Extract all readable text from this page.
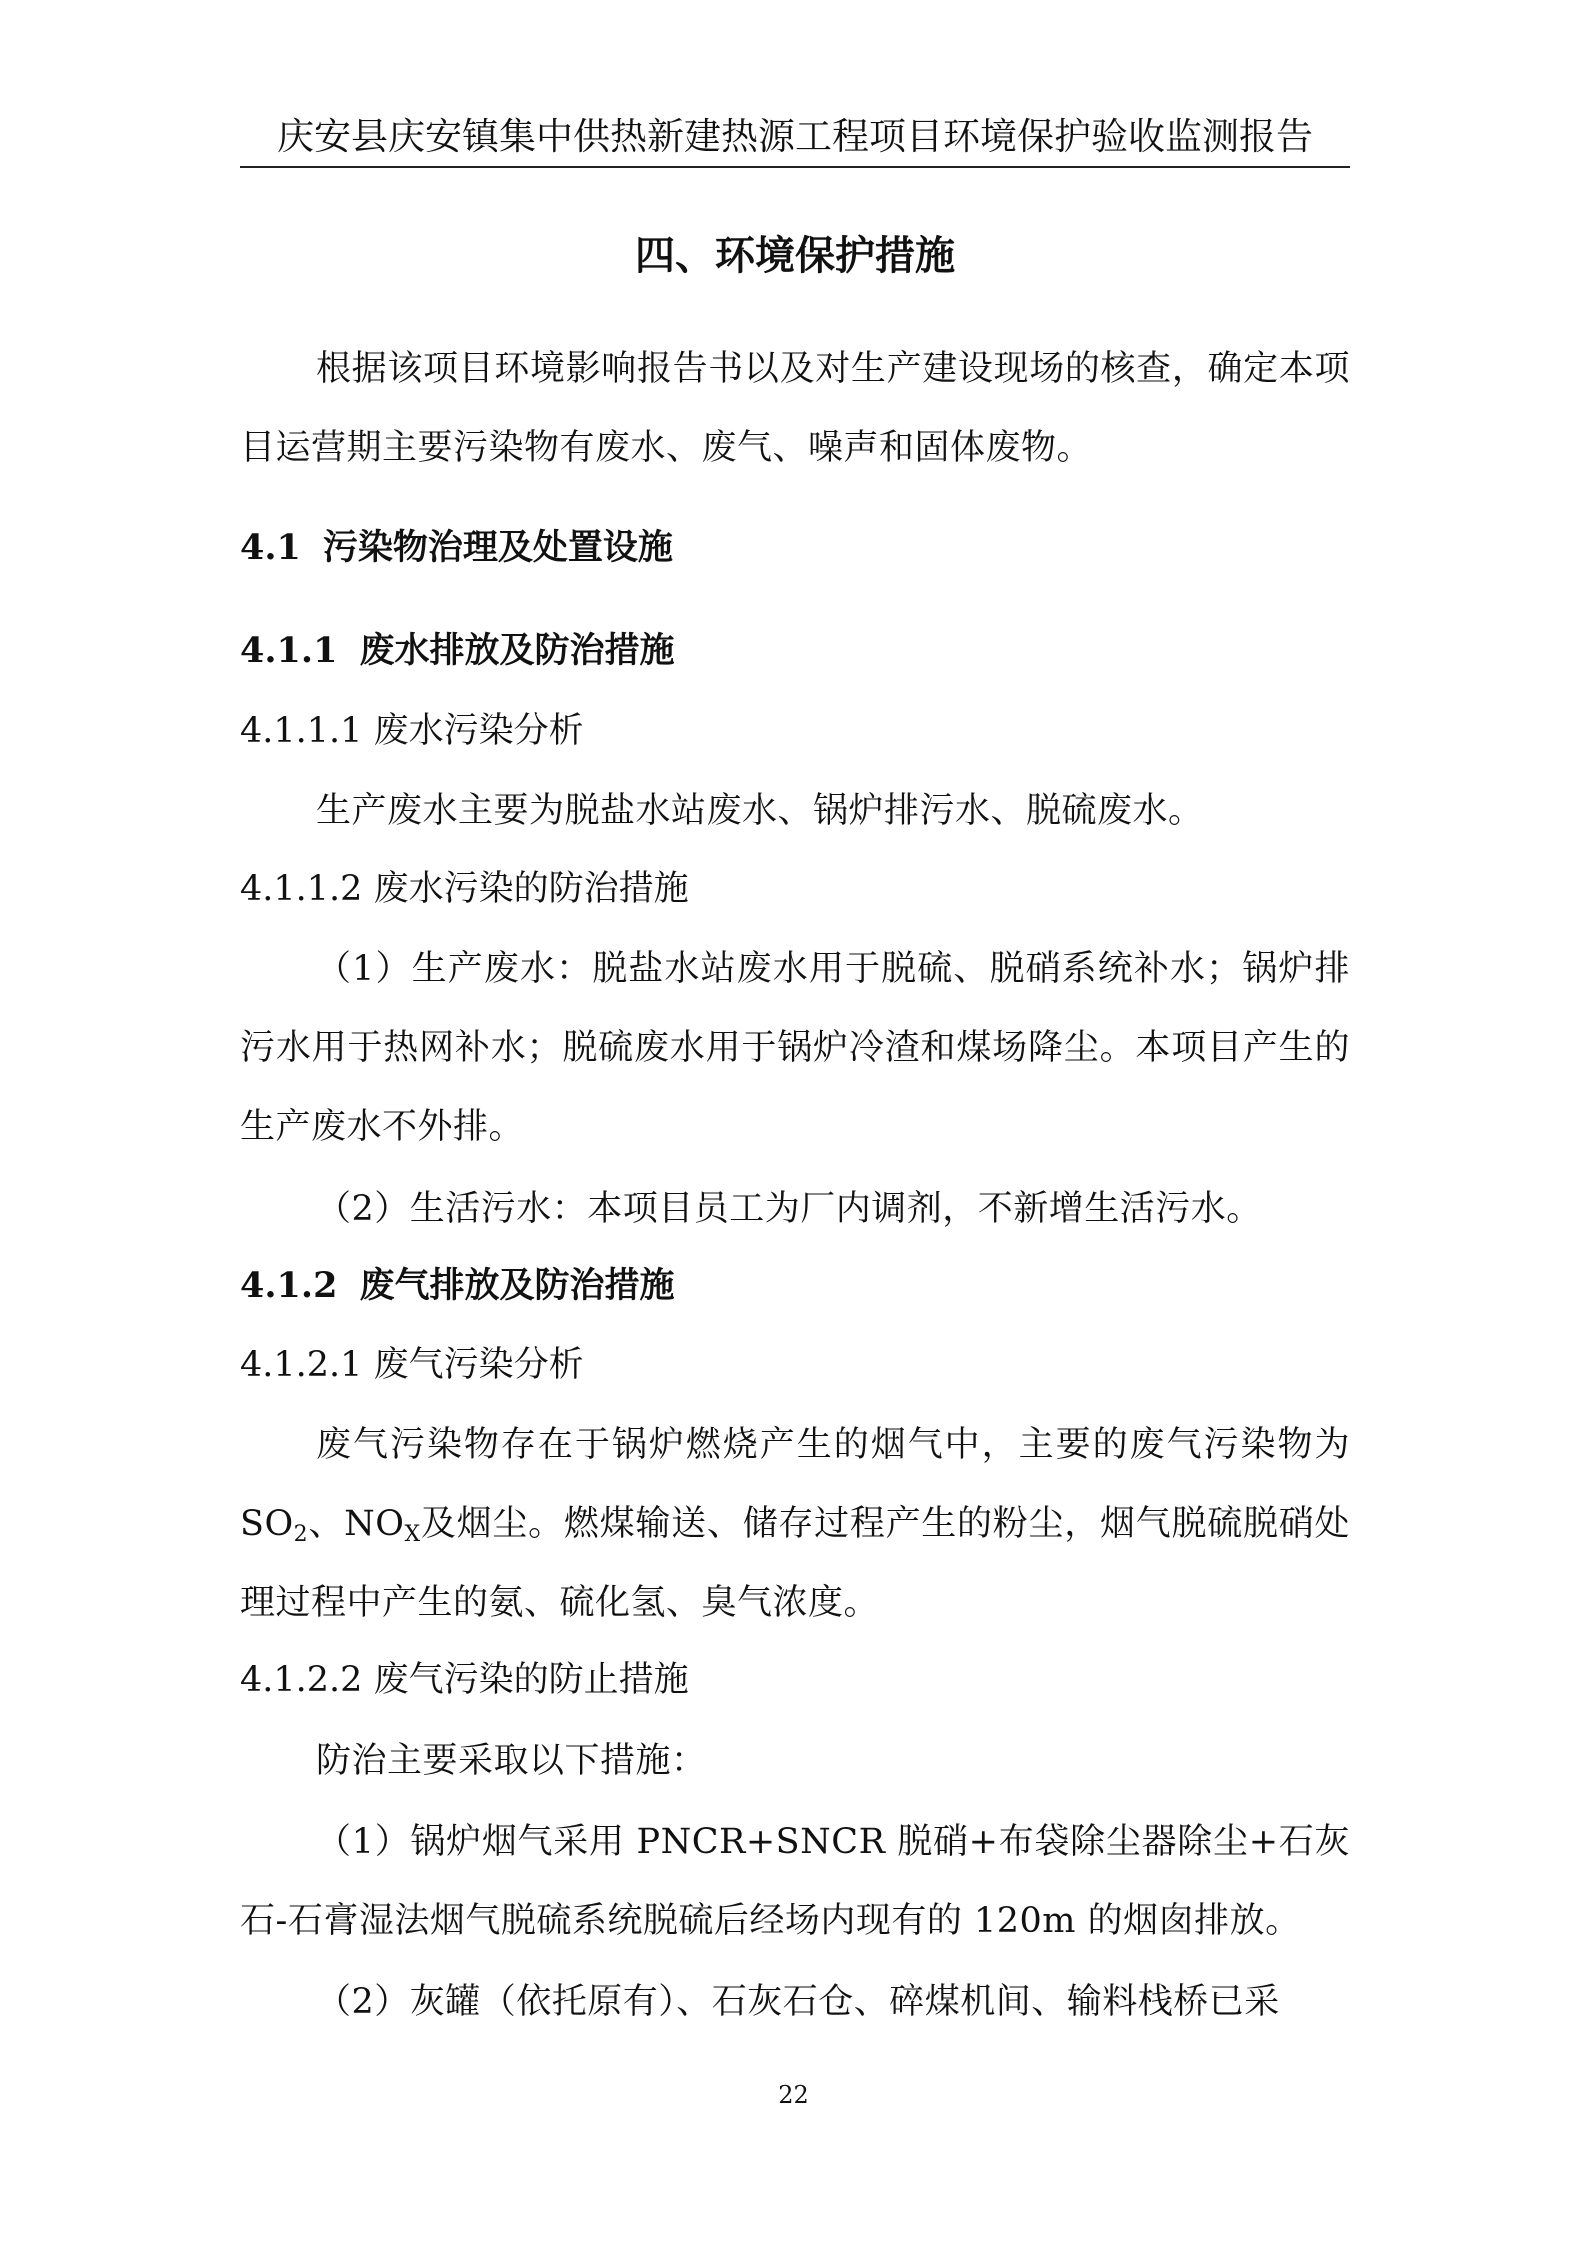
庆安县庆安镇集中供热新建热源工程项目环境保护验收监测报告
四、环境保护措施

根据该项目环境影响报告书以及对生产建设现场的核查，确定本项目运营期主要污染物有废水、废气、噪声和固体废物。

4.1 污染物治理及处置设施
4.1.1 废水排放及防治措施
4.1.1.1 废水污染分析

生产废水主要为脱盐水站废水、锅炉排污水、脱硫废水。

4.1.1.2 废水污染的防治措施

（1）生产废水：脱盐水站废水用于脱硫、脱硝系统补水；锅炉排污水用于热网补水；脱硫废水用于锅炉冷渣和煤场降尘。本项目产生的生产废水不外排。

（2）生活污水：本项目员工为厂内调剂，不新增生活污水。

4.1.2 废气排放及防治措施
4.1.2.1 废气污染分析

废气污染物存在于锅炉燃烧产生的烟气中，主要的废气污染物为$SO_2$、$NO_X$及烟尘。燃煤输送、储存过程产生的粉尘，烟气脱硫脱硝处理过程中产生的氨、硫化氢、臭气浓度。

4.1.2.2 废气污染的防止措施

防治主要采取以下措施：

（1）锅炉烟气采用 PNCR+SNCR 脱硝+布袋除尘器除尘+石灰石-石膏湿法烟气脱硫系统脱硫后经场内现有的 120m 的烟囱排放。

（2）灰罐（依托原有）、石灰石仓、碎煤机间、输料栈桥已采

22
